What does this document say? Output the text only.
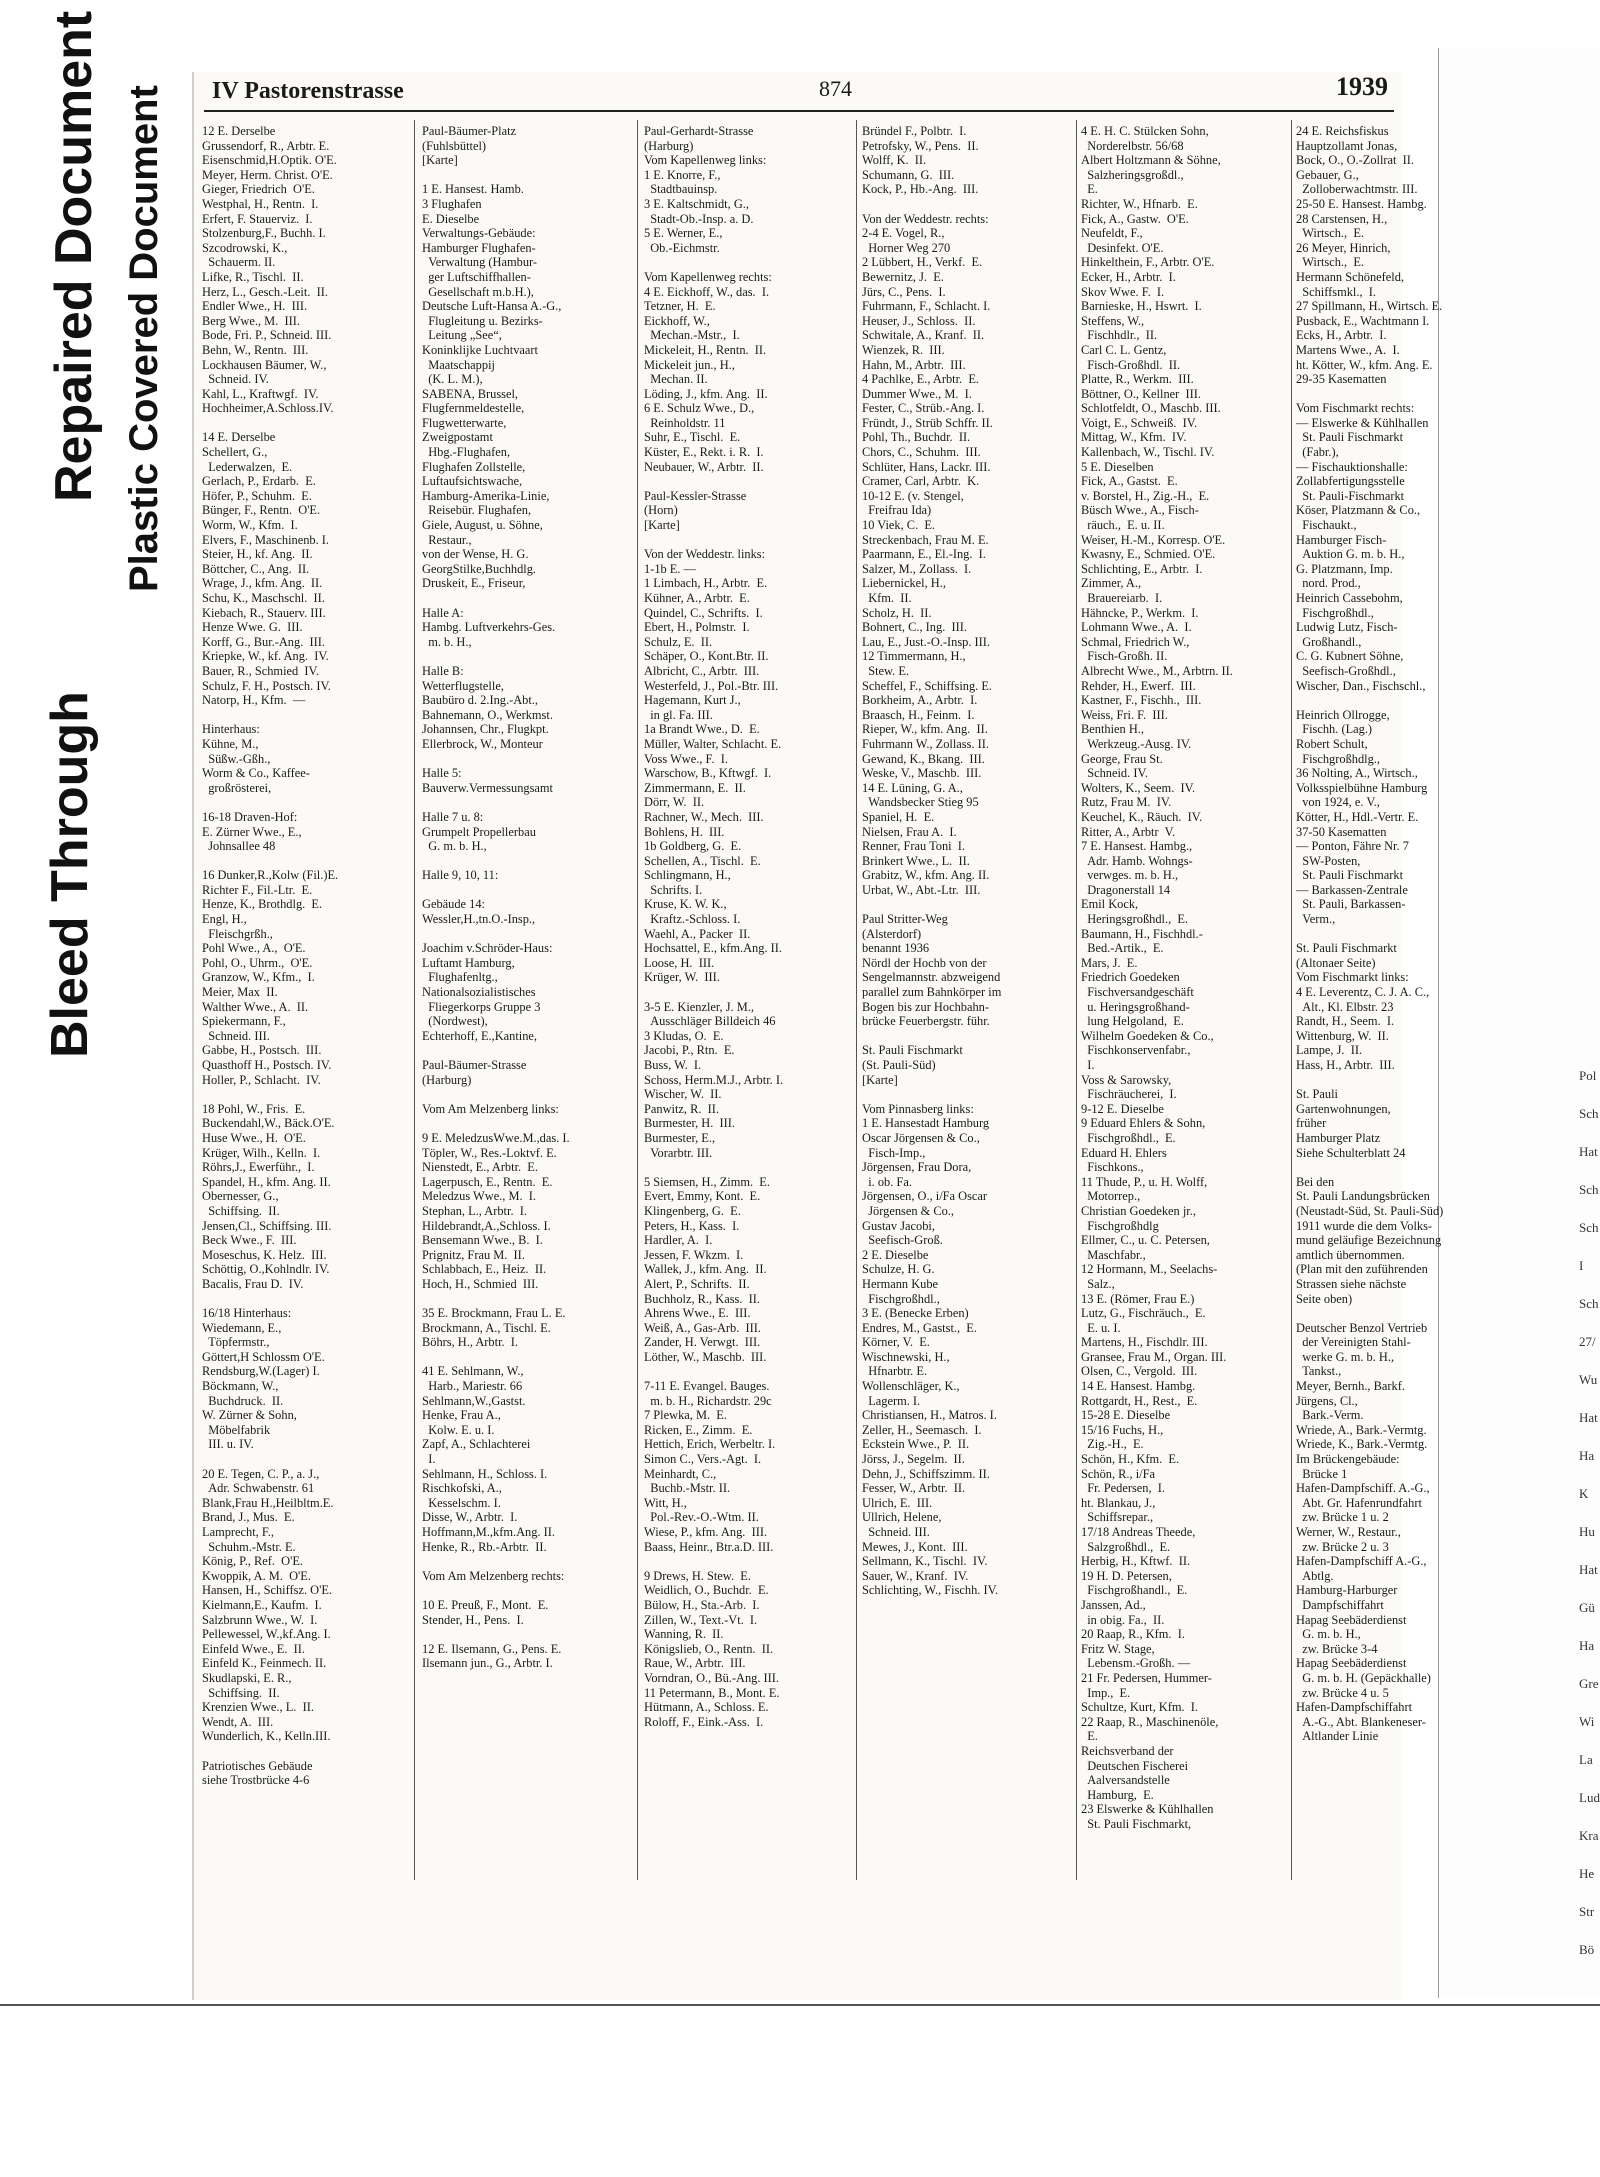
Bleed Through
Repaired Document Plastic Covered Document
Pol
Sch
Hat
Sch
Sch
I
Sch
27/
Wu
Hat
Ha
K
Hu
Hat
Gü
Ha
Gre
Wi
La
Lud
Kra
He
Str
Bö
IV Pastorenstrasse	874	1939
12 E. Derselbe
Grussendorf, R., Arbtr. E.
Eisenschmid,H.Optik. O'E.
Meyer, Herm. Christ. O'E.
Gieger, Friedrich  O'E.
Westphal, H., Rentn.  I.
Erfert, F. Stauerviz.  I.
Stolzenburg,F., Buchh. I.
Szcodrowski, K.,
Schauerm. II.
Lifke, R., Tischl.  II.
Herz, L., Gesch.-Leit.  II.
Endler Wwe., H.  III.
Berg Wwe., M.  III.
Bode, Fri. P., Schneid. III.
Behn, W., Rentn.  III.
Lockhausen Bäumer, W.,
Schneid. IV.
Kahl, L., Kraftwgf.  IV.
Hochheimer,A.Schloss.IV.

14 E. Derselbe
Schellert, G.,
Lederwalzen,  E.
Gerlach, P., Erdarb.  E.
Höfer, P., Schuhm.  E.
Bünger, F., Rentn.  O'E.
Worm, W., Kfm.  I.
Elvers, F., Maschinenb. I.
Steier, H., kf. Ang.  II.
Böttcher, C., Ang.  II.
Wrage, J., kfm. Ang.  II.
Schu, K., Maschschl.  II.
Kiebach, R., Stauerv. III.
Henze Wwe. G.  III.
Korff, G., Bur.-Ang.  III.
Kriepke, W., kf. Ang.  IV.
Bauer, R., Schmied  IV.
Schulz, F. H., Postsch. IV.
Natorp, H., Kfm.  —

Hinterhaus:
Kühne, M.,
Süßw.-Gßh.,
Worm & Co., Kaffee-
großrösterei,

16-18 Draven-Hof:
E. Zürner Wwe., E.,
Johnsallee 48

16 Dunker,R.,Kolw (Fil.)E.
Richter F., Fil.-Ltr.  E.
Henze, K., Brothdlg.  E.
Engl, H.,
Fleischgrßh.,
Pohl Wwe., A.,  O'E.
Pohl, O., Uhrm.,  O'E.
Granzow, W., Kfm.,  I.
Meier, Max  II.
Walther Wwe., A.  II.
Spiekermann, F.,
Schneid. III.
Gabbe, H., Postsch.  III.
Quasthoff H., Postsch. IV.
Holler, P., Schlacht.  IV.

18 Pohl, W., Fris.  E.
Buckendahl,W., Bäck.O'E.
Huse Wwe., H.  O'E.
Krüger, Wilh., Kelln.  I.
Röhrs,J., Ewerführ.,  I.
Spandel, H., kfm. Ang. II.
Obernesser, G.,
Schiffsing.  II.
Jensen,Cl., Schiffsing. III.
Beck Wwe., F.  III.
Moseschus, K. Helz.  III.
Schöttig, O.,Kohlndlr. IV.
Bacalis, Frau D.  IV.

16/18 Hinterhaus:
Wiedemann, E.,
Töpfermstr.,
Göttert,H Schlossm O'E.
Rendsburg,W.(Lager) I.
Böckmann, W.,
Buchdruck.  II.
W. Zürner & Sohn,
Möbelfabrik
III. u. IV.

20 E. Tegen, C. P., a. J.,
Adr. Schwabenstr. 61
Blank,Frau H.,Heilbltm.E.
Brand, J., Mus.  E.
Lamprecht, F.,
Schuhm.-Mstr. E.
König, P., Ref.  O'E.
Kwoppik, A. M.  O'E.
Hansen, H., Schiffsz. O'E.
Kielmann,E., Kaufm.  I.
Salzbrunn Wwe., W.  I.
Pellewessel, W.,kf.Ang. I.
Einfeld Wwe., E.  II.
Einfeld K., Feinmech. II.
Skudlapski, E. R.,
Schiffsing.  II.
Krenzien Wwe., L.  II.
Wendt, A.  III.
Wunderlich, K., Kelln.III.

Patriotisches Gebäude
siehe Trostbrücke 4-6
Paul-Bäumer-Platz
(Fuhlsbüttel)
[Karte]

1 E. Hansest. Hamb.
3 Flughafen
E. Dieselbe
Verwaltungs-Gebäude:
Hamburger Flughafen-
Verwaltung (Hambur-
ger Luftschiffhallen-
Gesellschaft m.b.H.),
Deutsche Luft-Hansa A.-G.,
Flugleitung u. Bezirks-
Leitung „See“,
Koninklijke Luchtvaart
Maatschappij
(K. L. M.),
SABENA, Brussel,
Flugfernmeldestelle,
Flugwetterwarte,
Zweigpostamt
Hbg.-Flughafen,
Flughafen Zollstelle,
Luftaufsichtswache,
Hamburg-Amerika-Linie,
Reisebür. Flughafen,
Giele, August, u. Söhne,
Restaur.,
von der Wense, H. G.
GeorgStilke,Buchhdlg.
Druskeit, E., Friseur,

Halle A:
Hambg. Luftverkehrs-Ges.
m. b. H.,

Halle B:
Wetterflugstelle,
Baubüro d. 2.Ing.-Abt.,
Bahnemann, O., Werkmst.
Johannsen, Chr., Flugkpt.
Ellerbrock, W., Monteur

Halle 5:
Bauverw.Vermessungsamt

Halle 7 u. 8:
Grumpelt Propellerbau
G. m. b. H.,

Halle 9, 10, 11:

Gebäude 14:
Wessler,H.,tn.O.-Insp.,

Joachim v.Schröder-Haus:
Luftamt Hamburg,
Flughafenltg.,
Nationalsozialistisches
Fliegerkorps Gruppe 3
(Nordwest),
Echterhoff, E.,Kantine,

Paul-Bäumer-Strasse
(Harburg)

Vom Am Melzenberg links:

9 E. MeledzusWwe.M.,das. I.
Töpler, W., Res.-Loktvf. E.
Nienstedt, E., Arbtr.  E.
Lagerpusch, E., Rentn.  E.
Meledzus Wwe., M.  I.
Stephan, L., Arbtr.  I.
Hildebrandt,A.,Schloss. I.
Bensemann Wwe., B.  I.
Prignitz, Frau M.  II.
Schlabbach, E., Heiz.  II.
Hoch, H., Schmied  III.

35 E. Brockmann, Frau L. E.
Brockmann, A., Tischl. E.
Böhrs, H., Arbtr.  I.

41 E. Sehlmann, W.,
Harb., Mariestr. 66
Sehlmann,W.,Gastst.
Henke, Frau A.,
Kolw. E. u. I.
Zapf, A., Schlachterei
I.
Sehlmann, H., Schloss. I.
Rischkofski, A.,
Kesselschm. I.
Disse, W., Arbtr.  I.
Hoffmann,M.,kfm.Ang. II.
Henke, R., Rb.-Arbtr.  II.

Vom Am Melzenberg rechts:

10 E. Preuß, F., Mont.  E.
Stender, H., Pens.  I.

12 E. Ilsemann, G., Pens. E.
Ilsemann jun., G., Arbtr. I.
Paul-Gerhardt-Strasse
(Harburg)
Vom Kapellenweg links:
1 E. Knorre, F.,
Stadtbauinsp.
3 E. Kaltschmidt, G.,
Stadt-Ob.-Insp. a. D.
5 E. Werner, E.,
Ob.-Eichmstr.

Vom Kapellenweg rechts:
4 E. Eickhoff, W., das.  I.
Tetzner, H.  E.
Eickhoff, W.,
Mechan.-Mstr.,  I.
Mickeleit, H., Rentn.  II.
Mickeleit jun., H.,
Mechan. II.
Löding, J., kfm. Ang.  II.
6 E. Schulz Wwe., D.,
Reinholdstr. 11
Suhr, E., Tischl.  E.
Küster, E., Rekt. i. R.  I.
Neubauer, W., Arbtr.  II.

Paul-Kessler-Strasse
(Horn)
[Karte]

Von der Weddestr. links:
1-1b E. —
1 Limbach, H., Arbtr.  E.
Kühner, A., Arbtr.  E.
Quindel, C., Schrifts.  I.
Ebert, H., Polmstr.  I.
Schulz, E.  II.
Schäper, O., Kont.Btr. II.
Albricht, C., Arbtr.  III.
Westerfeld, J., Pol.-Btr. III.
Hagemann, Kurt J.,
in gl. Fa. III.
1a Brandt Wwe., D.  E.
Müller, Walter, Schlacht. E.
Voss Wwe., F.  I.
Warschow, B., Kftwgf.  I.
Zimmermann, E.  II.
Dörr, W.  II.
Rachner, W., Mech.  III.
Bohlens, H.  III.
1b Goldberg, G.  E.
Schellen, A., Tischl.  E.
Schlingmann, H.,
Schrifts. I.
Kruse, K. W. K.,
Kraftz.-Schloss. I.
Waehl, A., Packer  II.
Hochsattel, E., kfm.Ang. II.
Loose, H.  III.
Krüger, W.  III.

3-5 E. Kienzler, J. M.,
Ausschläger Billdeich 46
3 Kludas, O.  E.
Jacobi, P., Rtn.  E.
Buss, W.  I.
Schoss, Herm.M.J., Arbtr. I.
Wischer, W.  II.
Panwitz, R.  II.
Burmester, H.  III.
Burmester, E.,
Vorarbtr. III.

5 Siemsen, H., Zimm.  E.
Evert, Emmy, Kont.  E.
Klingenberg, G.  E.
Peters, H., Kass.  I.
Hardler, A.  I.
Jessen, F. Wkzm.  I.
Wallek, J., kfm. Ang.  II.
Alert, P., Schrifts.  II.
Buchholz, R., Kass.  II.
Ahrens Wwe., E.  III.
Weiß, A., Gas-Arb.  III.
Zander, H. Verwgt.  III.
Löther, W., Maschb.  III.

7-11 E. Evangel. Bauges.
m. b. H., Richardstr. 29c
7 Plewka, M.  E.
Ricken, E., Zimm.  E.
Hettich, Erich, Werbeltr. I.
Simon C., Vers.-Agt.  I.
Meinhardt, C.,
Buchb.-Mstr. II.
Witt, H.,
Pol.-Rev.-O.-Wtm. II.
Wiese, P., kfm. Ang.  III.
Baass, Heinr., Btr.a.D. III.

9 Drews, H. Stew.  E.
Weidlich, O., Buchdr.  E.
Bülow, H., Sta.-Arb.  I.
Zillen, W., Text.-Vt.  I.
Wanning, R.  II.
Königslieb, O., Rentn.  II.
Raue, W., Arbtr.  III.
Vorndran, O., Bü.-Ang. III.
11 Petermann, B., Mont. E.
Hütmann, A., Schloss. E.
Roloff, F., Eink.-Ass.  I.
Bründel F., Polbtr.  I.
Petrofsky, W., Pens.  II.
Wolff, K.  II.
Schumann, G.  III.
Kock, P., Hb.-Ang.  III.

Von der Weddestr. rechts:
2-4 E. Vogel, R.,
Horner Weg 270
2 Lübbert, H., Verkf.  E.
Bewernitz, J.  E.
Jürs, C., Pens.  I.
Fuhrmann, F., Schlacht. I.
Heuser, J., Schloss.  II.
Schwitale, A., Kranf.  II.
Wienzek, R.  III.
Hahn, M., Arbtr.  III.
4 Pachlke, E., Arbtr.  E.
Dummer Wwe., M.  I.
Fester, C., Strüb.-Ang. I.
Fründt, J., Strüb Schffr. II.
Pohl, Th., Buchdr.  II.
Chors, C., Schuhm.  III.
Schlüter, Hans, Lackr. III.
Cramer, Carl, Arbtr.  K.
10-12 E. (v. Stengel,
Freifrau Ida)
10 Viek, C.  E.
Streckenbach, Frau M. E.
Paarmann, E., El.-Ing.  I.
Salzer, M., Zollass.  I.
Liebernickel, H.,
Kfm.  II.
Scholz, H.  II.
Bohnert, C., Ing.  III.
Lau, E., Just.-O.-Insp. III.
12 Timmermann, H.,
Stew. E.
Scheffel, F., Schiffsing. E.
Borkheim, A., Arbtr.  I.
Braasch, H., Feinm.  I.
Rieper, W., kfm. Ang.  II.
Fuhrmann W., Zollass. II.
Gewand, K., Bkang.  III.
Weske, V., Maschb.  III.
14 E. Lüning, G. A.,
Wandsbecker Stieg 95
Spaniel, H.  E.
Nielsen, Frau A.  I.
Renner, Frau Toni  I.
Brinkert Wwe., L.  II.
Grabitz, W., kfm. Ang. II.
Urbat, W., Abt.-Ltr.  III.

Paul Stritter-Weg
(Alsterdorf)
benannt 1936
Nördl der Hochb von der
Sengelmannstr. abzweigend
parallel zum Bahnkörper im
Bogen bis zur Hochbahn-
brücke Feuerbergstr. führ.

St. Pauli Fischmarkt
(St. Pauli-Süd)
[Karte]

Vom Pinnasberg links:
1 E. Hansestadt Hamburg
Oscar Jörgensen & Co.,
Fisch-Imp.,
Jörgensen, Frau Dora,
i. ob. Fa.
Jörgensen, O., i/Fa Oscar
Jörgensen & Co.,
Gustav Jacobi,
Seefisch-Groß.
2 E. Dieselbe
Schulze, H. G.
Hermann Kube
Fischgroßhdl.,
3 E. (Benecke Erben)
Endres, M., Gastst.,  E.
Körner, V.  E.
Wischnewski, H.,
Hfnarbtr. E.
Wollenschläger, K.,
Lagerm. I.
Christiansen, H., Matros. I.
Zeller, H., Seemasch.  I.
Eckstein Wwe., P.  II.
Jörss, J., Segelm.  II.
Dehn, J., Schiffszimm. II.
Fesser, W., Arbtr.  II.
Ulrich, E.  III.
Ullrich, Helene,
Schneid. III.
Mewes, J., Kont.  III.
Sellmann, K., Tischl.  IV.
Sauer, W., Kranf.  IV.
Schlichting, W., Fischh. IV.
4 E. H. C. Stülcken Sohn,
Norderelbstr. 56/68
Albert Holtzmann & Söhne,
Salzheringsgroßdl.,
E.
Richter, W., Hfnarb.  E.
Fick, A., Gastw.  O'E.
Neufeldt, F.,
Desinfekt. O'E.
Hinkelthein, F., Arbtr. O'E.
Ecker, H., Arbtr.  I.
Skov Wwe. F.  I.
Barnieske, H., Hswrt.  I.
Steffens, W.,
Fischhdlr.,  II.
Carl C. L. Gentz,
Fisch-Großhdl.  II.
Platte, R., Werkm.  III.
Böttner, O., Kellner  III.
Schlotfeldt, O., Maschb. III.
Voigt, E., Schweiß.  IV.
Mittag, W., Kfm.  IV.
Kallenbach, W., Tischl. IV.
5 E. Dieselben
Fick, A., Gastst.  E.
v. Borstel, H., Zig.-H.,  E.
Büsch Wwe., A., Fisch-
räuch.,  E. u. II.
Weiser, H.-M., Korresp. O'E.
Kwasny, E., Schmied. O'E.
Schlichting, E., Arbtr.  I.
Zimmer, A.,
Brauereiarb.  I.
Hähncke, P., Werkm.  I.
Lohmann Wwe., A.  I.
Schmal, Friedrich W.,
Fisch-Großh. II.
Albrecht Wwe., M., Arbtrn. II.
Rehder, H., Ewerf.  III.
Kastner, F., Fischh.,  III.
Weiss, Fri. F.  III.
Benthien H.,
Werkzeug.-Ausg. IV.
George, Frau St.
Schneid. IV.
Wolters, K., Seem.  IV.
Rutz, Frau M.  IV.
Keuchel, K., Räuch.  IV.
Ritter, A., Arbtr  V.
7 E. Hansest. Hambg.,
Adr. Hamb. Wohngs-
verwges. m. b. H.,
Dragonerstall 14
Emil Kock,
Heringsgroßhdl.,  E.
Baumann, H., Fischhdl.-
Bed.-Artik.,  E.
Mars, J.  E.
Friedrich Goedeken
Fischversandgeschäft
u. Heringsgroßhand-
lung Helgoland,  E.
Wilhelm Goedeken & Co.,
Fischkonservenfabr.,
I.
Voss & Sarowsky,
Fischräucherei,  I.
9-12 E. Dieselbe
9 Eduard Ehlers & Sohn,
Fischgroßhdl.,  E.
Eduard H. Ehlers
Fischkons.,
11 Thude, P., u. H. Wolff,
Motorrep.,
Christian Goedeken jr.,
Fischgroßhdlg
Ellmer, C., u. C. Petersen,
Maschfabr.,
12 Hormann, M., Seelachs-
Salz.,
13 E. (Römer, Frau E.)
Lutz, G., Fischräuch.,  E.
E. u. I.
Martens, H., Fischdlr. III.
Gransee, Frau M., Organ. III.
Olsen, C., Vergold.  III.
14 E. Hansest. Hambg.
Rottgardt, H., Rest.,  E.
15-28 E. Dieselbe
15/16 Fuchs, H.,
Zig.-H.,  E.
Schön, H., Kfm.  E.
Schön, R., i/Fa
Fr. Pedersen,  I.
ht. Blankau, J.,
Schiffsrepar.,
17/18 Andreas Theede,
Salzgroßhdl.,  E.
Herbig, H., Kftwf.  II.
19 H. D. Petersen,
Fischgroßhandl.,  E.
Janssen, Ad.,
in obig. Fa.,  II.
20 Raap, R., Kfm.  I.
Fritz W. Stage,
Lebensm.-Großh. —
21 Fr. Pedersen, Hummer-
Imp.,  E.
Schultze, Kurt, Kfm.  I.
22 Raap, R., Maschinenöle,
E.
Reichsverband der
Deutschen Fischerei
Aalversandstelle
Hamburg,  E.
23 Elswerke & Kühlhallen
St. Pauli Fischmarkt,
24 E. Reichsfiskus
Hauptzollamt Jonas,
Bock, O., O.-Zollrat  II.
Gebauer, G.,
Zolloberwachtmstr. III.
25-50 E. Hansest. Hambg.
28 Carstensen, H.,
Wirtsch.,  E.
26 Meyer, Hinrich,
Wirtsch.,  E.
Hermann Schönefeld,
Schiffsmkl.,  I.
27 Spillmann, H., Wirtsch. E.
Pusback, E., Wachtmann I.
Ecks, H., Arbtr.  I.
Martens Wwe., A.  I.
ht. Kötter, W., kfm. Ang. E.
29-35 Kasematten

Vom Fischmarkt rechts:
— Elswerke & Kühlhallen
St. Pauli Fischmarkt
(Fabr.),
— Fischauktionshalle:
Zollabfertigungsstelle
St. Pauli-Fischmarkt
Köser, Platzmann & Co.,
Fischaukt.,
Hamburger Fisch-
Auktion G. m. b. H.,
G. Platzmann, Imp.
nord. Prod.,
Heinrich Cassebohm,
Fischgroßhdl.,
Ludwig Lutz, Fisch-
Großhandl.,
C. G. Kubnert Söhne,
Seefisch-Großhdl.,
Wischer, Dan., Fischschl.,

Heinrich Ollrogge,
Fischh. (Lag.)
Robert Schult,
Fischgroßhdlg.,
36 Nolting, A., Wirtsch.,
Volksspielbühne Hamburg
von 1924, e. V.,
Kötter, H., Hdl.-Vertr. E.
37-50 Kasematten
— Ponton, Fähre Nr. 7
SW-Posten,
St. Pauli Fischmarkt
— Barkassen-Zentrale
St. Pauli, Barkassen-
Verm.,

St. Pauli Fischmarkt
(Altonaer Seite)
Vom Fischmarkt links:
4 E. Leverentz, C. J. A. C.,
Alt., Kl. Elbstr. 23
Randt, H., Seem.  I.
Wittenburg, W.  II.
Lampe, J.  II.
Hass, H., Arbtr.  III.

St. Pauli
Gartenwohnungen,
früher
Hamburger Platz
Siehe Schulterblatt 24

Bei den
St. Pauli Landungsbrücken
(Neustadt-Süd, St. Pauli-Süd)
1911 wurde die dem Volks-
mund geläufige Bezeichnung
amtlich übernommen.
(Plan mit den zuführenden
Strassen siehe nächste
Seite oben)

Deutscher Benzol Vertrieb
der Vereinigten Stahl-
werke G. m. b. H.,
Tankst.,
Meyer, Bernh., Barkf.
Jürgens, Cl.,
Bark.-Verm.
Wriede, A., Bark.-Vermtg.
Wriede, K., Bark.-Vermtg.
Im Brückengebäude:
Brücke 1
Hafen-Dampfschiff. A.-G.,
Abt. Gr. Hafenrundfahrt
zw. Brücke 1 u. 2
Werner, W., Restaur.,
zw. Brücke 2 u. 3
Hafen-Dampfschiff A.-G.,
Abtlg.
Hamburg-Harburger
Dampfschiffahrt
Hapag Seebäderdienst
G. m. b. H.,
zw. Brücke 3-4
Hapag Seebäderdienst
G. m. b. H. (Gepäckhalle)
zw. Brücke 4 u. 5
Hafen-Dampfschiffahrt
A.-G., Abt. Blankeneser-
Altlander Linie
